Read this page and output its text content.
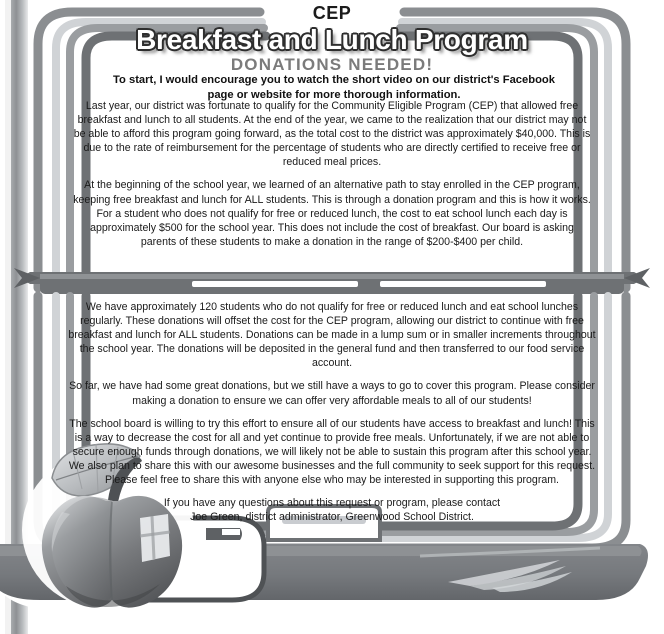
CEP
Breakfast and Lunch Program
DONATIONS NEEDED!
To start, I would encourage you to watch the short video on our district's Facebook page or website for more thorough information.

Last year, our district was fortunate to qualify for the Community Eligible Program (CEP) that allowed free breakfast and lunch to all students. At the end of the year, we came to the realization that our district may not be able to afford this program going forward, as the total cost to the district was approximately $40,000. This is due to the rate of reimbursement for the percentage of students who are directly certified to receive free or reduced meal prices.

At the beginning of the school year, we learned of an alternative path to stay enrolled in the CEP program, keeping free breakfast and lunch for ALL students. This is through a donation program and this is how it works. For a student who does not qualify for free or reduced lunch, the cost to eat school lunch each day is approximately $500 for the school year. This does not include the cost of breakfast. Our board is asking parents of these students to make a donation in the range of $200-$400 per child.

We have approximately 120 students who do not qualify for free or reduced lunch and eat school lunches regularly. These donations will offset the cost for the CEP program, allowing our district to continue with free breakfast and lunch for ALL students. Donations can be made in a lump sum or in smaller increments throughout the school year. The donations will be deposited in the general fund and then transferred to our food service account.

So far, we have had some great donations, but we still have a ways to go to cover this program. Please consider making a donation to ensure we can offer very affordable meals to all of our students!

The school board is willing to try this effort to ensure all of our students have access to breakfast and lunch! This is a way to decrease the cost for all and yet continue to provide free meals. Unfortunately, if we are not able to secure enough funds through donations, we will likely not be able to sustain this program after this school year. We also plan to share this with our awesome businesses and the full community to seek support for this request. Please feel free to share this with anyone else who may be interested in supporting this program.

If you have any questions about this request or program, please contact

Joe Green, district administrator, Greenwood School District.
